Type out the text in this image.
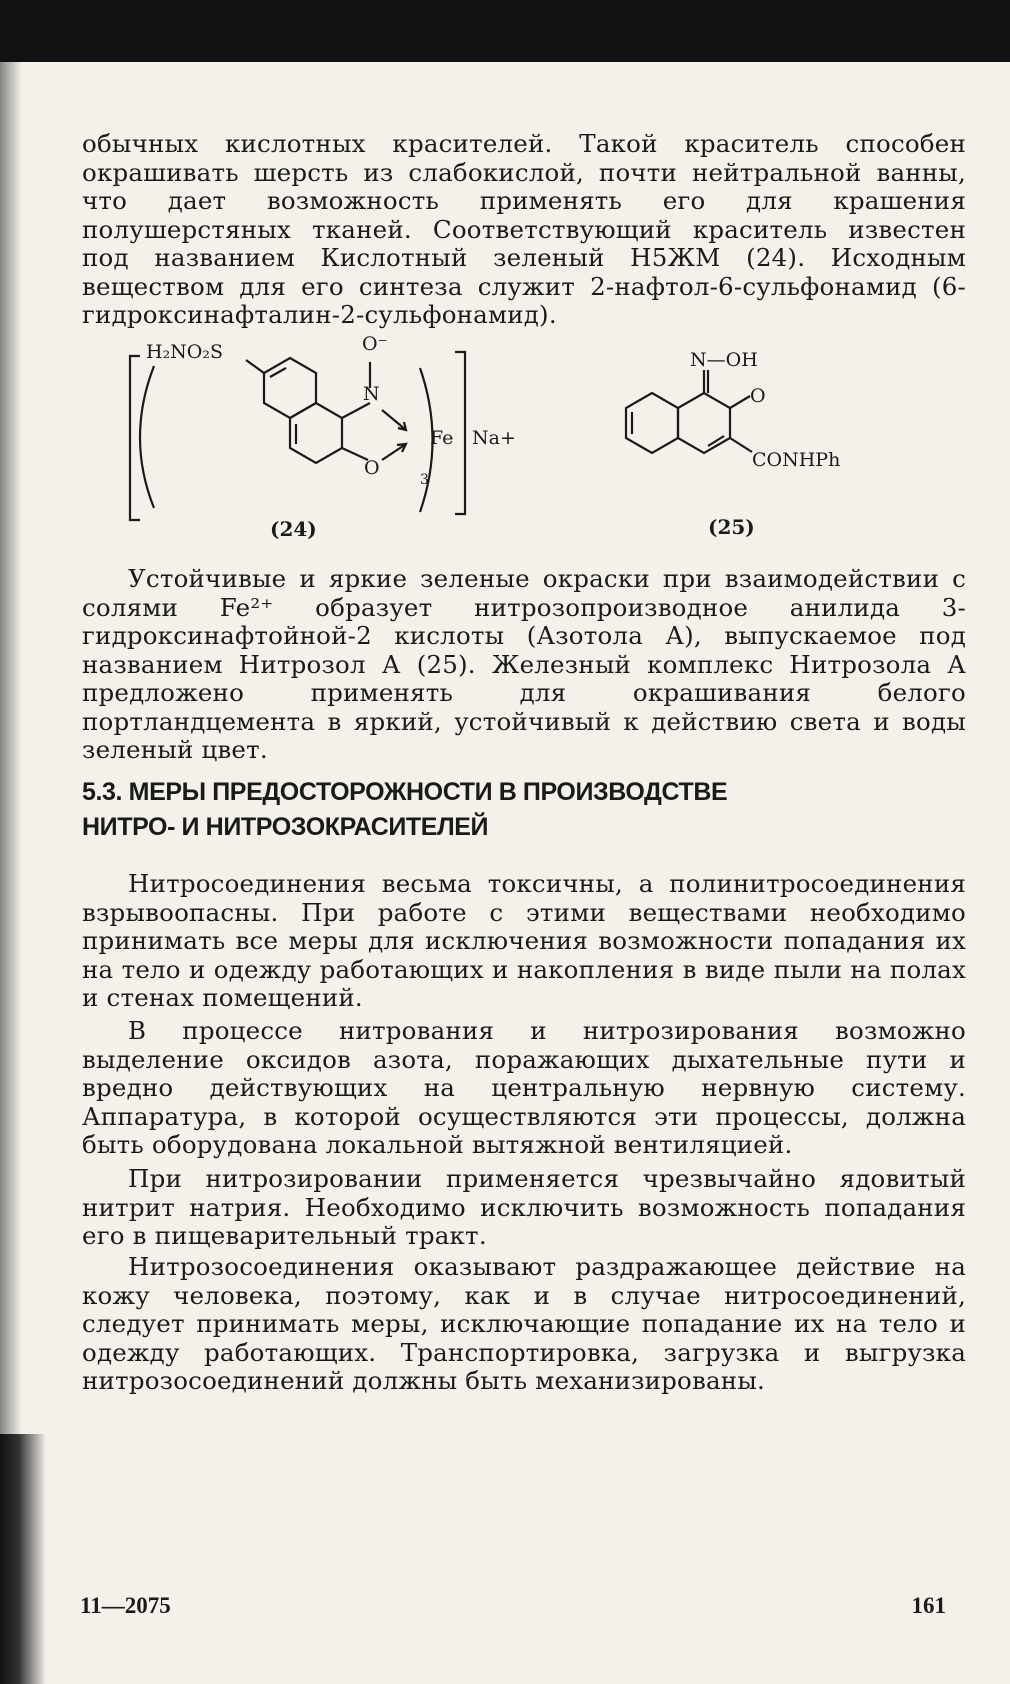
обычных кислотных красителей. Такой краситель способен окрашивать шерсть из слабокислой, почти нейтральной ванны, что дает возможность применять его для крашения полушерстяных тканей. Соответствующий краситель известен под названием Кислотный зеленый Н5ЖМ (24). Исходным веществом для его синтеза служит 2-нафтол-6-сульфонамид (6-гидроксинафталин-2-сульфонамид).

H₂NO₂S	O⁻
N
O
Fe
3
Na+
(24)
N—OH
O
CONHPh
(25)

Устойчивые и яркие зеленые окраски при взаимодействии с солями Fe²⁺ образует нитрозопроизводное анилида 3-гидроксинафтойной-2 кислоты (Азотола А), выпускаемое под названием Нитрозол А (25). Железный комплекс Нитрозола А предложено применять для окрашивания белого портландцемента в яркий, устойчивый к действию света и воды зеленый цвет.

5.3. МЕРЫ ПРЕДОСТОРОЖНОСТИ В ПРОИЗВОДСТВЕ
НИТРО- И НИТРОЗОКРАСИТЕЛЕЙ

Нитросоединения весьма токсичны, а полинитросоединения взрывоопасны. При работе с этими веществами необходимо принимать все меры для исключения возможности попадания их на тело и одежду работающих и накопления в виде пыли на полах и стенах помещений.

В процессе нитрования и нитрозирования возможно выделение оксидов азота, поражающих дыхательные пути и вредно действующих на центральную нервную систему. Аппаратура, в которой осуществляются эти процессы, должна быть оборудована локальной вытяжной вентиляцией.

При нитрозировании применяется чрезвычайно ядовитый нитрит натрия. Необходимо исключить возможность попадания его в пищеварительный тракт.

Нитрозосоединения оказывают раздражающее действие на кожу человека, поэтому, как и в случае нитросоединений, следует принимать меры, исключающие попадание их на тело и одежду работающих. Транспортировка, загрузка и выгрузка нитрозосоединений должны быть механизированы.

11—2075	161
